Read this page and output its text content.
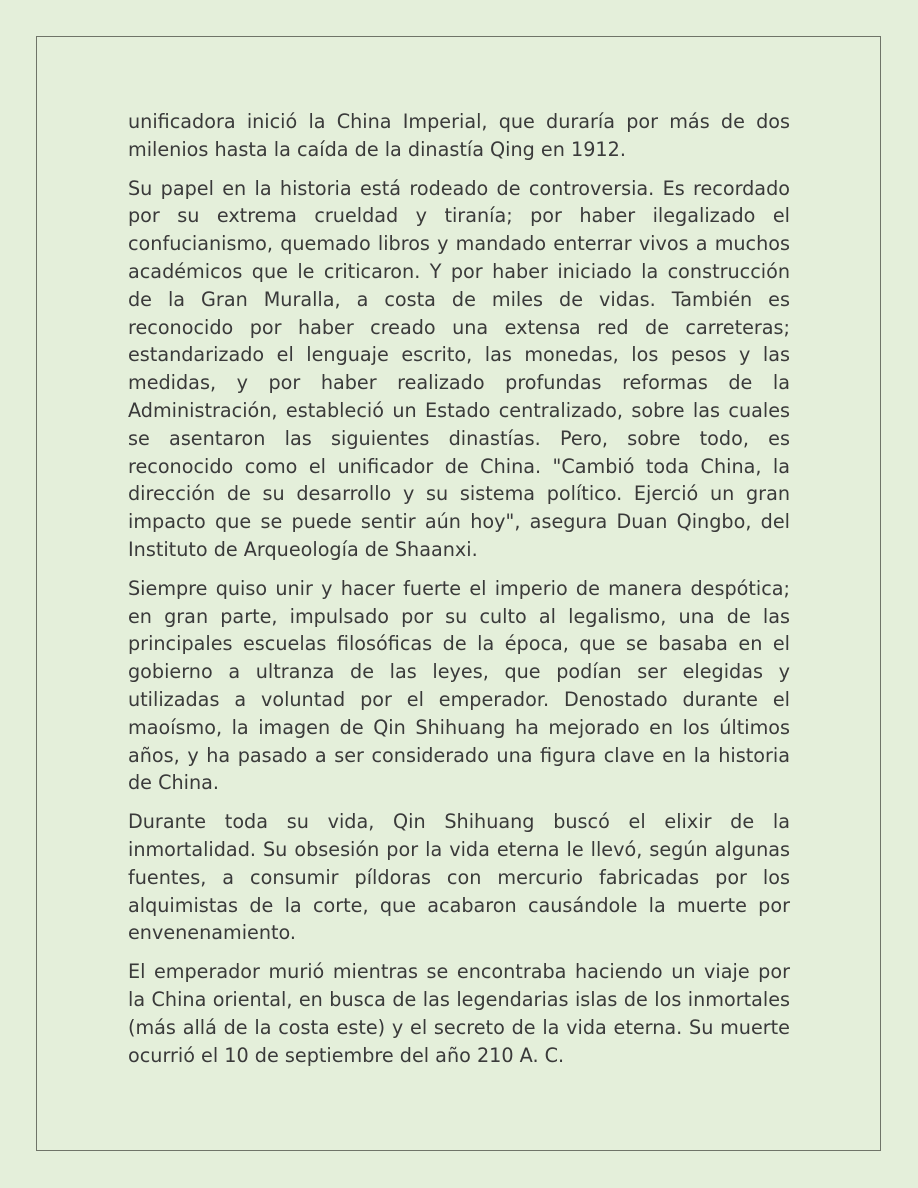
unificadora inició la China Imperial, que duraría por más de dos milenios hasta la caída de la dinastía Qing en 1912.

Su papel en la historia está rodeado de controversia. Es recordado por su extrema crueldad y tiranía; por haber ilegalizado el confucianismo, quemado libros y mandado enterrar vivos a muchos académicos que le criticaron. Y por haber iniciado la construcción de la Gran Muralla, a costa de miles de vidas. También es reconocido por haber creado una extensa red de carreteras; estandarizado el lenguaje escrito, las monedas, los pesos y las medidas, y por haber realizado profundas reformas de la Administración, estableció un Estado centralizado, sobre las cuales se asentaron las siguientes dinastías. Pero, sobre todo, es reconocido como el unificador de China. "Cambió toda China, la dirección de su desarrollo y su sistema político. Ejerció un gran impacto que se puede sentir aún hoy", asegura Duan Qingbo, del Instituto de Arqueología de Shaanxi.

Siempre quiso unir y hacer fuerte el imperio de manera despótica; en gran parte, impulsado por su culto al legalismo, una de las principales escuelas filosóficas de la época, que se basaba en el gobierno a ultranza de las leyes, que podían ser elegidas y utilizadas a voluntad por el emperador. Denostado durante el maoísmo, la imagen de Qin Shihuang ha mejorado en los últimos años, y ha pasado a ser considerado una figura clave en la historia de China.

Durante toda su vida, Qin Shihuang buscó el elixir de la inmortalidad. Su obsesión por la vida eterna le llevó, según algunas fuentes, a consumir píldoras con mercurio fabricadas por los alquimistas de la corte, que acabaron causándole la muerte por envenenamiento.

El emperador murió mientras se encontraba haciendo un viaje por la China oriental, en busca de las legendarias islas de los inmortales (más allá de la costa este) y el secreto de la vida eterna. Su muerte ocurrió el 10 de septiembre del año 210 A. C.
